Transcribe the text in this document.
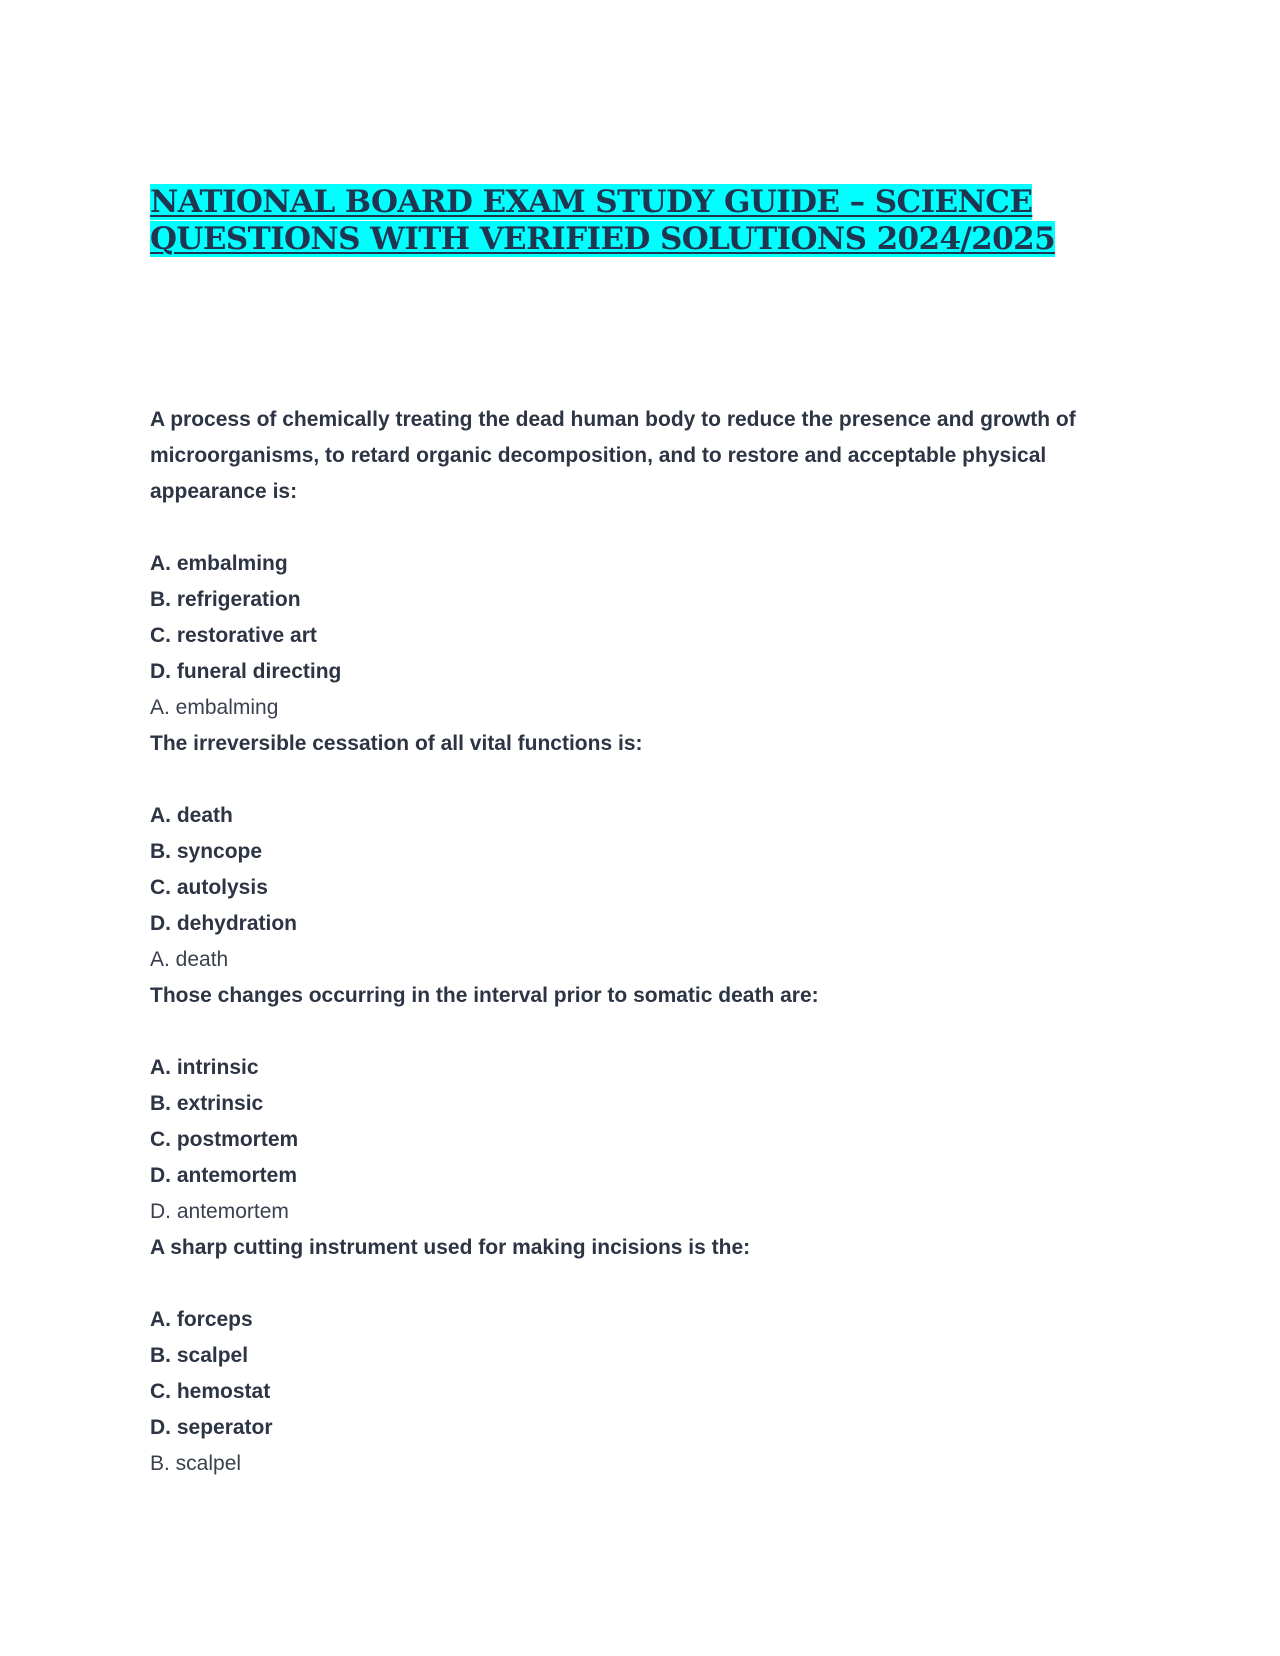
NATIONAL BOARD EXAM STUDY GUIDE – SCIENCE
QUESTIONS WITH VERIFIED SOLUTIONS 2024/2025

A process of chemically treating the dead human body to reduce the presence and growth of microorganisms, to retard organic decomposition, and to restore and acceptable physical appearance is:

A. embalming

B. refrigeration

C. restorative art

D. funeral directing

A. embalming

The irreversible cessation of all vital functions is:

A. death

B. syncope

C. autolysis

D. dehydration

A. death

Those changes occurring in the interval prior to somatic death are:

A. intrinsic

B. extrinsic

C. postmortem

D. antemortem

D. antemortem

A sharp cutting instrument used for making incisions is the:

A. forceps

B. scalpel

C. hemostat

D. seperator

B. scalpel
